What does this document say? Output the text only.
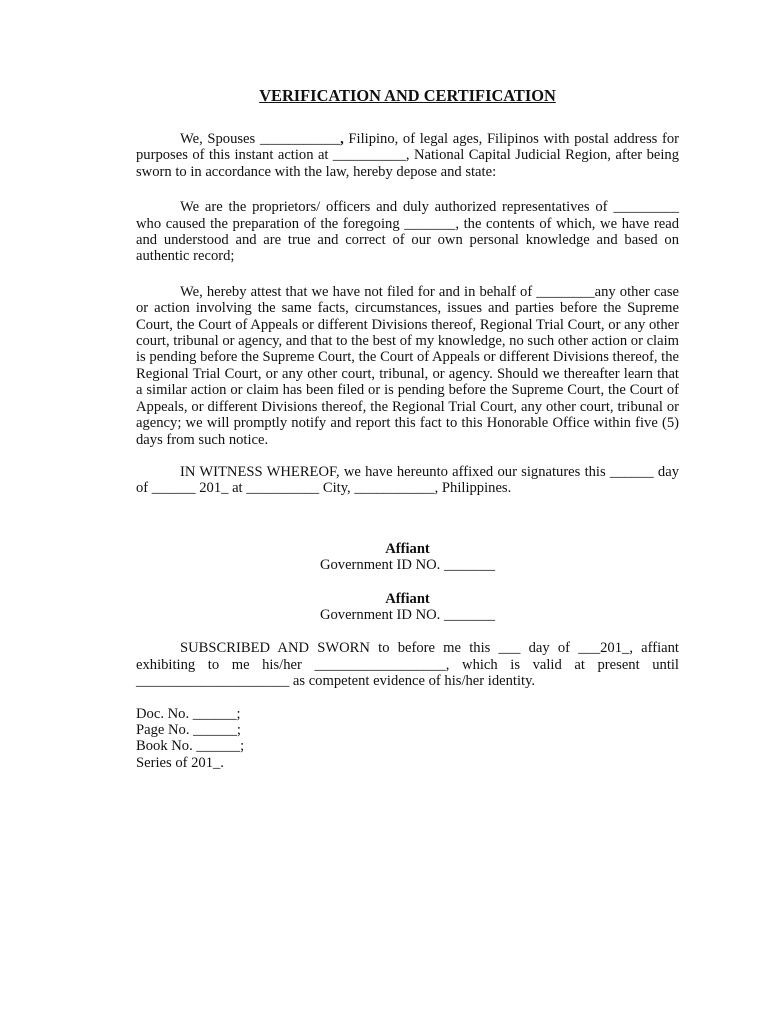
VERIFICATION AND CERTIFICATION

We, Spouses ___________, Filipino, of legal ages, Filipinos with postal address for purposes of this instant action at __________, National Capital Judicial Region, after being sworn to in accordance with the law, hereby depose and state:

We are the proprietors/ officers and duly authorized representatives of _________ who caused the preparation of the foregoing _______, the contents of which, we have read and understood and are true and correct of our own personal knowledge and based on authentic record;

We, hereby attest that we have not filed for and in behalf of ________any other case or action involving the same facts, circumstances, issues and parties before the Supreme Court, the Court of Appeals or different Divisions thereof, Regional Trial Court, or any other court, tribunal or agency, and that to the best of my knowledge, no such other action or claim is pending before the Supreme Court, the Court of Appeals or different Divisions thereof, the Regional Trial Court, or any other court, tribunal, or agency. Should we thereafter learn that a similar action or claim has been filed or is pending before the Supreme Court, the Court of Appeals, or different Divisions thereof, the Regional Trial Court, any other court, tribunal or agency; we will promptly notify and report this fact to this Honorable Office within five (5) days from such notice.

IN WITNESS WHEREOF, we have hereunto affixed our signatures this ______ day of ______ 201_ at __________ City, ___________, Philippines.

Affiant
Government ID NO. _______
Affiant
Government ID NO. _______

SUBSCRIBED AND SWORN to before me this ___ day of ___201_, affiant exhibiting to me his/her __________________, which is valid at present until _____________________ as competent evidence of his/her identity.

Doc. No. ______;
Page No. ______;
Book No. ______;
Series of 201_.
